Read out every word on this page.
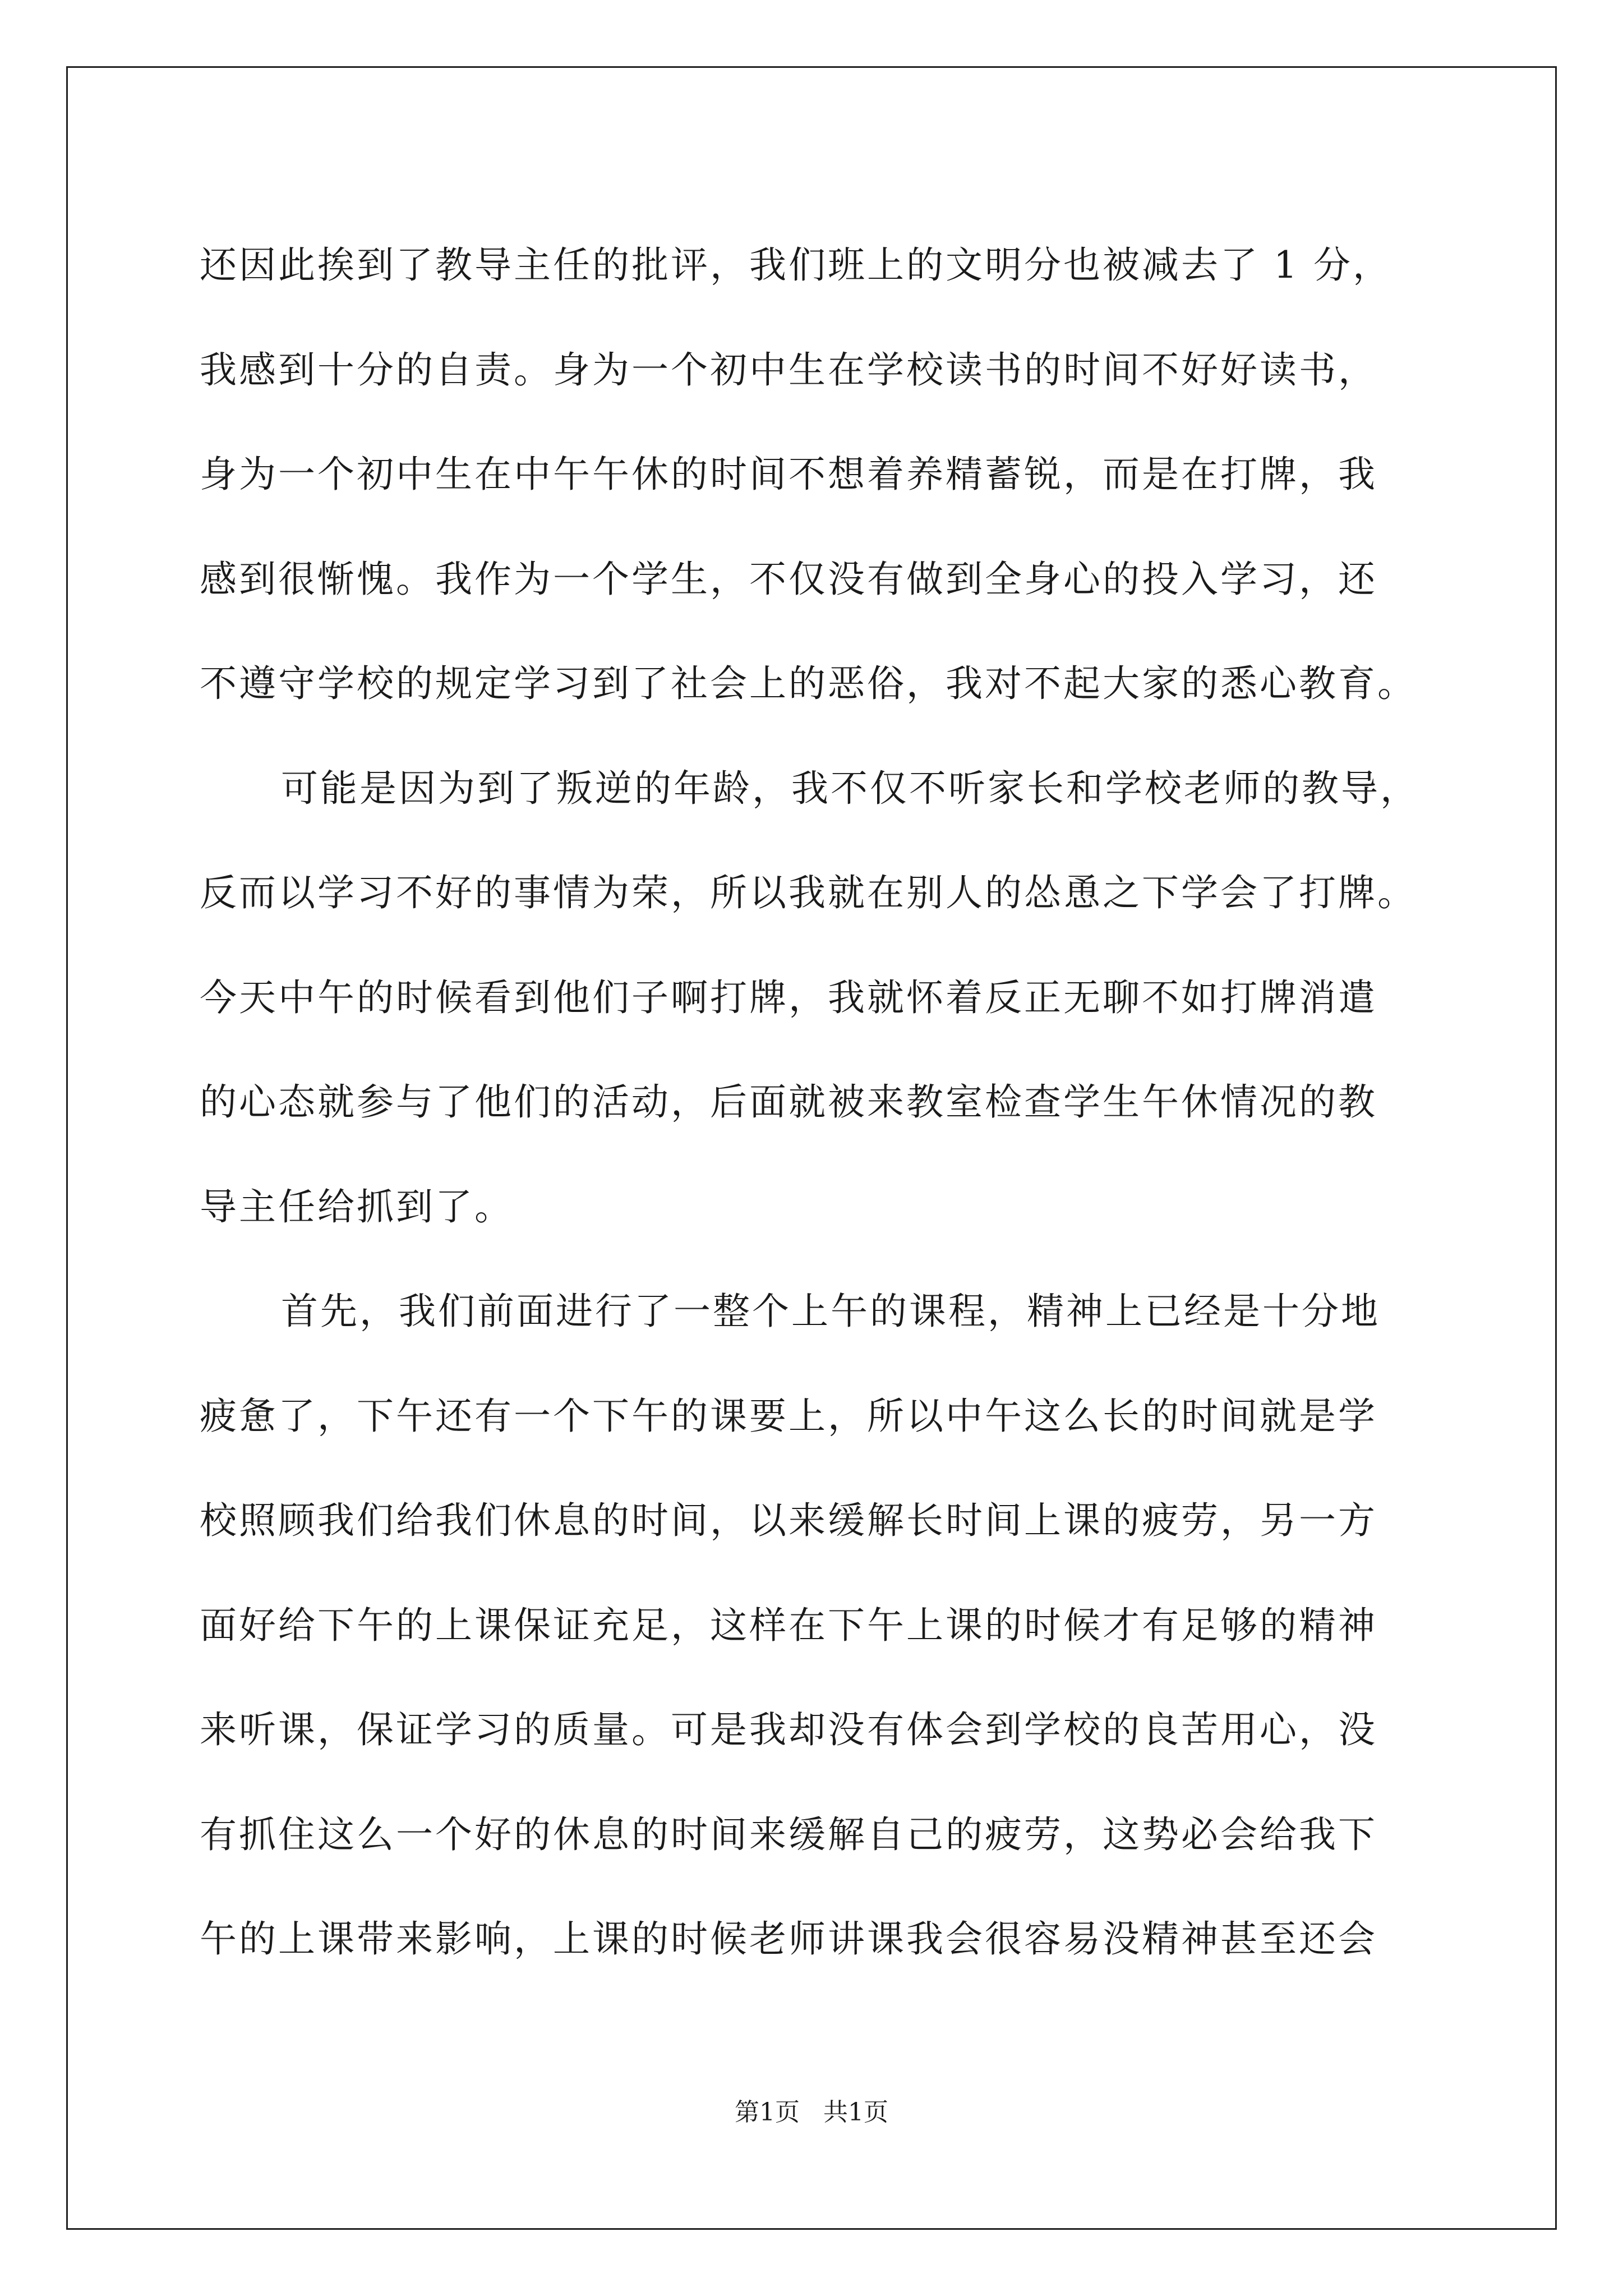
还因此挨到了教导主任的批评，我们班上的文明分也被减去了 1 分，
我感到十分的自责。身为一个初中生在学校读书的时间不好好读书，
身为一个初中生在中午午休的时间不想着养精蓄锐，而是在打牌，我
感到很惭愧。我作为一个学生，不仅没有做到全身心的投入学习，还
不遵守学校的规定学习到了社会上的恶俗，我对不起大家的悉心教育。
可能是因为到了叛逆的年龄，我不仅不听家长和学校老师的教导，
反而以学习不好的事情为荣，所以我就在别人的怂恿之下学会了打牌。
今天中午的时候看到他们子啊打牌，我就怀着反正无聊不如打牌消遣
的心态就参与了他们的活动，后面就被来教室检查学生午休情况的教
导主任给抓到了。
首先，我们前面进行了一整个上午的课程，精神上已经是十分地
疲惫了，下午还有一个下午的课要上，所以中午这么长的时间就是学
校照顾我们给我们休息的时间，以来缓解长时间上课的疲劳，另一方
面好给下午的上课保证充足，这样在下午上课的时候才有足够的精神
来听课，保证学习的质量。可是我却没有体会到学校的良苦用心，没
有抓住这么一个好的休息的时间来缓解自己的疲劳，这势必会给我下
午的上课带来影响，上课的时候老师讲课我会很容易没精神甚至还会
第1页 共1页
